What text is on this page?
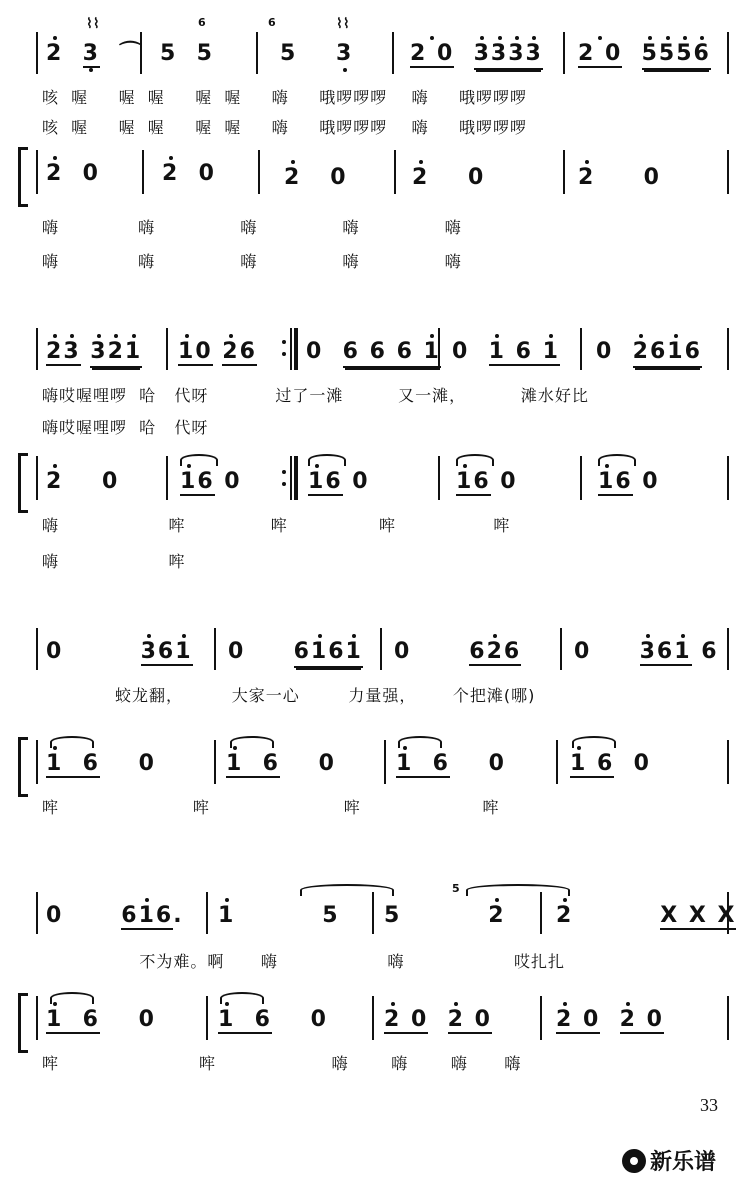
⌇⌇	⌇⌇
6̇	6̇
2 3  ⌒ 5  5	5    3	2 0 3333 2 0 5556
咳  喔     喔  喔     喔  喔     嗨     哦啰啰啰    嗨     哦啰啰啰
咳  喔     喔  喔     喔  喔     嗨     哦啰啰啰    嗨     哦啰啰啰
2  0	2  0	2   0	2    0	2     0
嗨             嗨              嗨              嗨              嗨
嗨             嗨              嗨              嗨              嗨
23 321 10 26 0  6 6 6 1 0  1 6 1 0  2616
嗨哎喔哩啰  哈   代呀           过了一滩         又一滩，         滩水好比
嗨哎喔哩啰  哈   代呀
2    0	16 0	16 0	16 0	16 0
嗨                  哰              哰               哰                哰
嗨                  哰
0        361 0     6161 0      626 0     361 6
蛟龙翻，        大家一心        力量强，      个把滩(哪)
1  6    0	1  6    0	1  6    0	1 6  0
哰                      哰                      哰                    哰
5̇
0      616. 1         5 5         2 2	X X X
不为难。啊      嗨                  嗨                  哎扎扎
1  6    0	1  6    0	2 0 2 0	2 0 2 0
哰                       哰                   嗨       嗨       嗨      嗨
33
新乐谱
